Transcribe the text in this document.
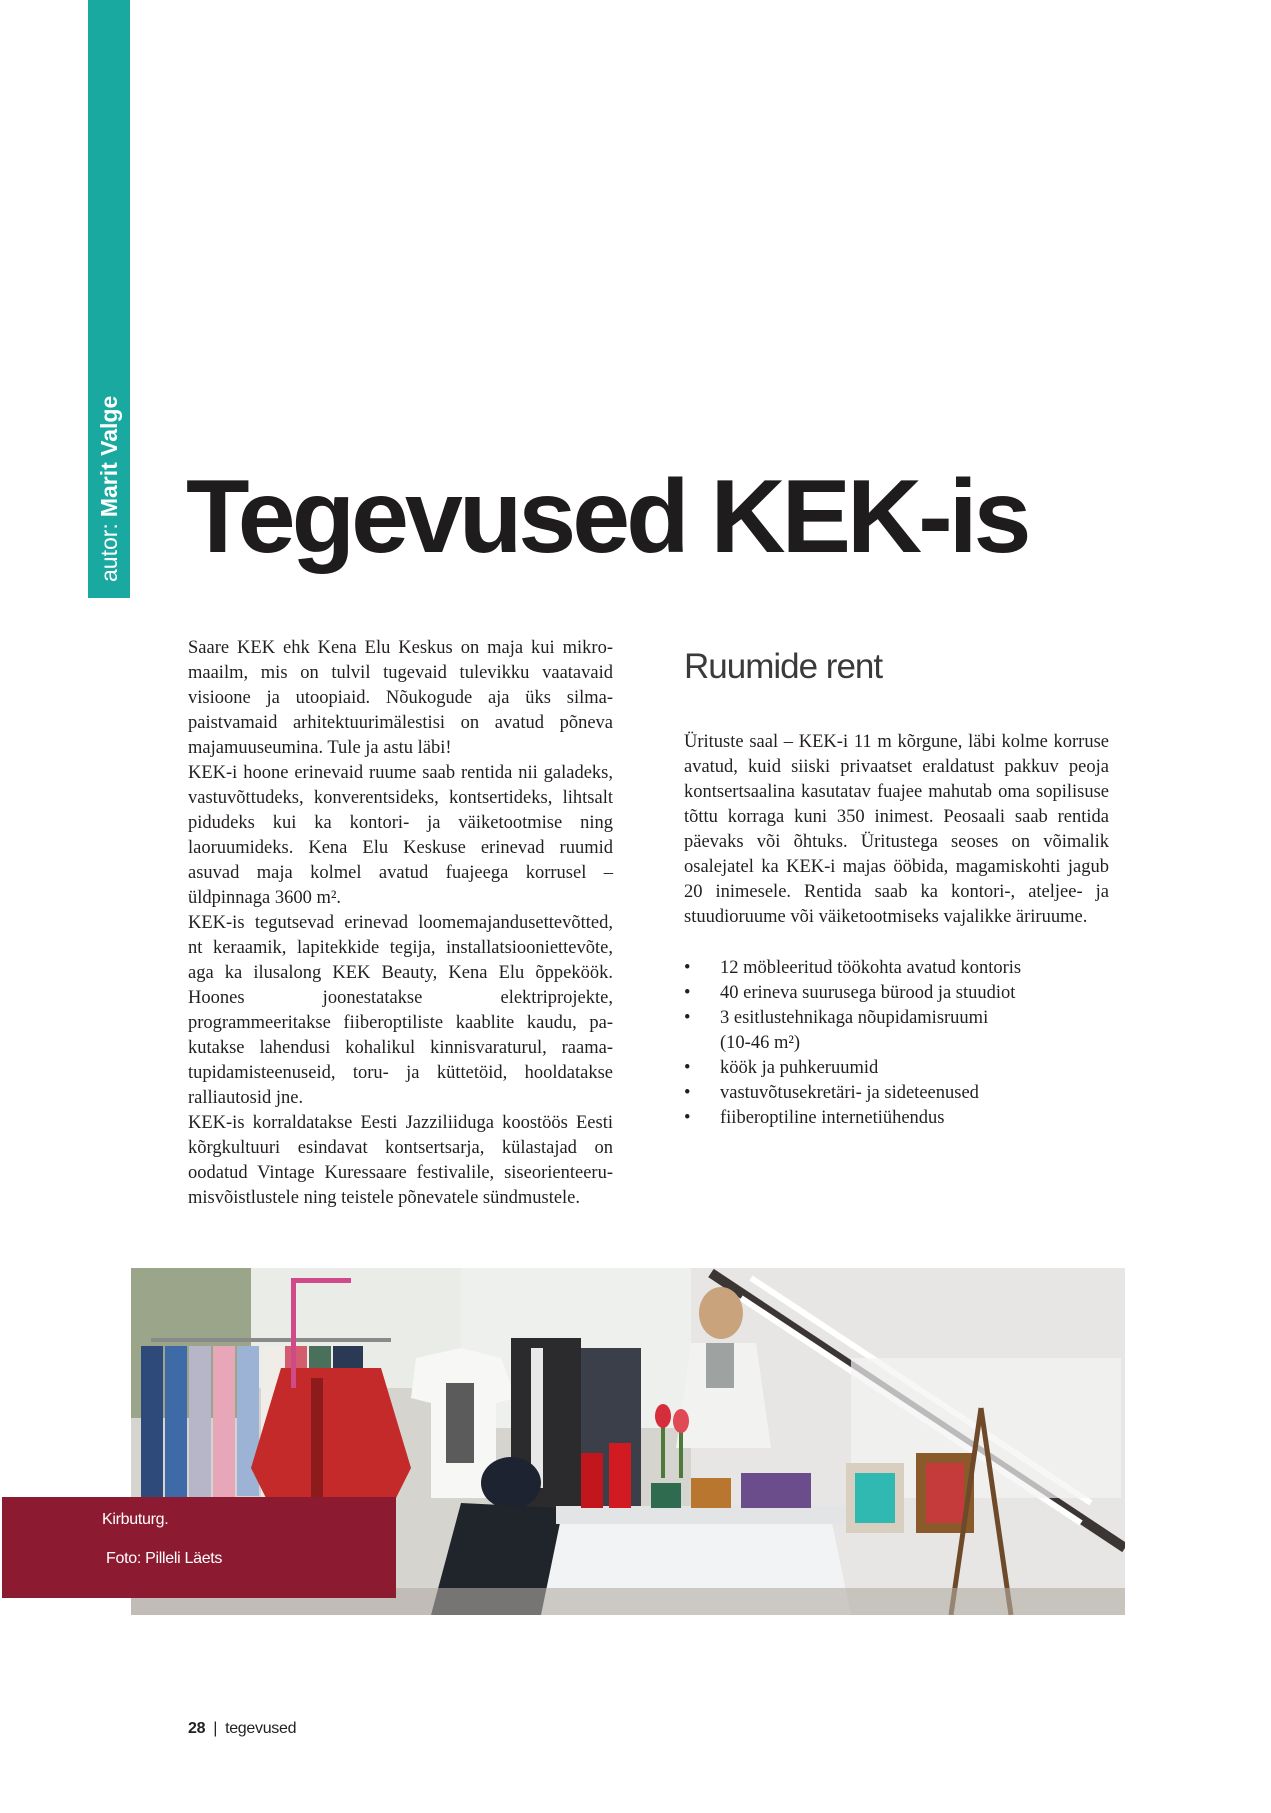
autor:Marit Valge Tegevused KEK-is

Saare KEK ehk Kena Elu Keskus on maja kui mikromaailm, mis on tulvil tugevaid tulevikku vaatavaid visioone ja utoopiaid. Nõukogude aja üks silmapaistvamaid arhitektuurimälestisi on avatud põneva majamuuseumina. Tule ja astu läbi!

KEK-i hoone erinevaid ruume saab rentida nii galadeks, vastuvõttudeks, konverentsideks, kontsertideks, lihtsalt pidudeks kui ka kontori- ja väiketootmise ning laoruumideks. Kena Elu Keskuse erinevad ruumid asuvad maja kolmel avatud fuajeega korrusel – üldpinnaga 3600 m².

KEK-is tegutsevad erinevad loomemajandusettevõtted, nt keraamik, lapitekkide tegija, installatsiooniettevõte, aga ka ilusalong KEK Beauty, Kena Elu õppeköök. Hoones joonestatakse elektriprojekte, programmeeritakse fiiberoptiliste kaablite kaudu, pakutakse lahendusi kohalikul kinnisvaraturul, raamatupidamisteenuseid, toru- ja küttetöid, hooldatakse ralliautosid jne.

KEK-is korraldatakse Eesti Jazziliiduga koostöös Eesti kõrgkultuuri esindavat kontsertsarja, külastajad on oodatud Vintage Kuressaare festivalile, siseorienteerumisvõistlustele ning teistele põnevatele sündmustele.

Ruumide rent

Ürituste saal – KEK-i 11 m kõrgune, läbi kolme korruse avatud, kuid siiski privaatset eraldatust pakkuv peoja kontsertsaalina kasutatav fuajee mahutab oma sopilisuse tõttu korraga kuni 350 inimest. Peosaali saab rentida päevaks või õhtuks. Üritustega seoses on võimalik osalejatel ka KEK-i majas ööbida, magamiskohti jagub 20 inimesele. Rentida saab ka kontori-, ateljee- ja stuudioruume või väiketootmiseks vajalikke äriruume.

• 12 möbleeritud töökohta avatud kontoris
• 40 erineva suurusega bürood ja stuudiot
• 3 esitlustehnikaga nõupidamisruumi
(10-46 m²)
• köök ja puhkeruumid
• vastuvõtusekretäri- ja sideteenused
• fiiberoptiline internetiühendus
Kirbuturg.
Foto: Pilleli Läets
28 | tegevused
